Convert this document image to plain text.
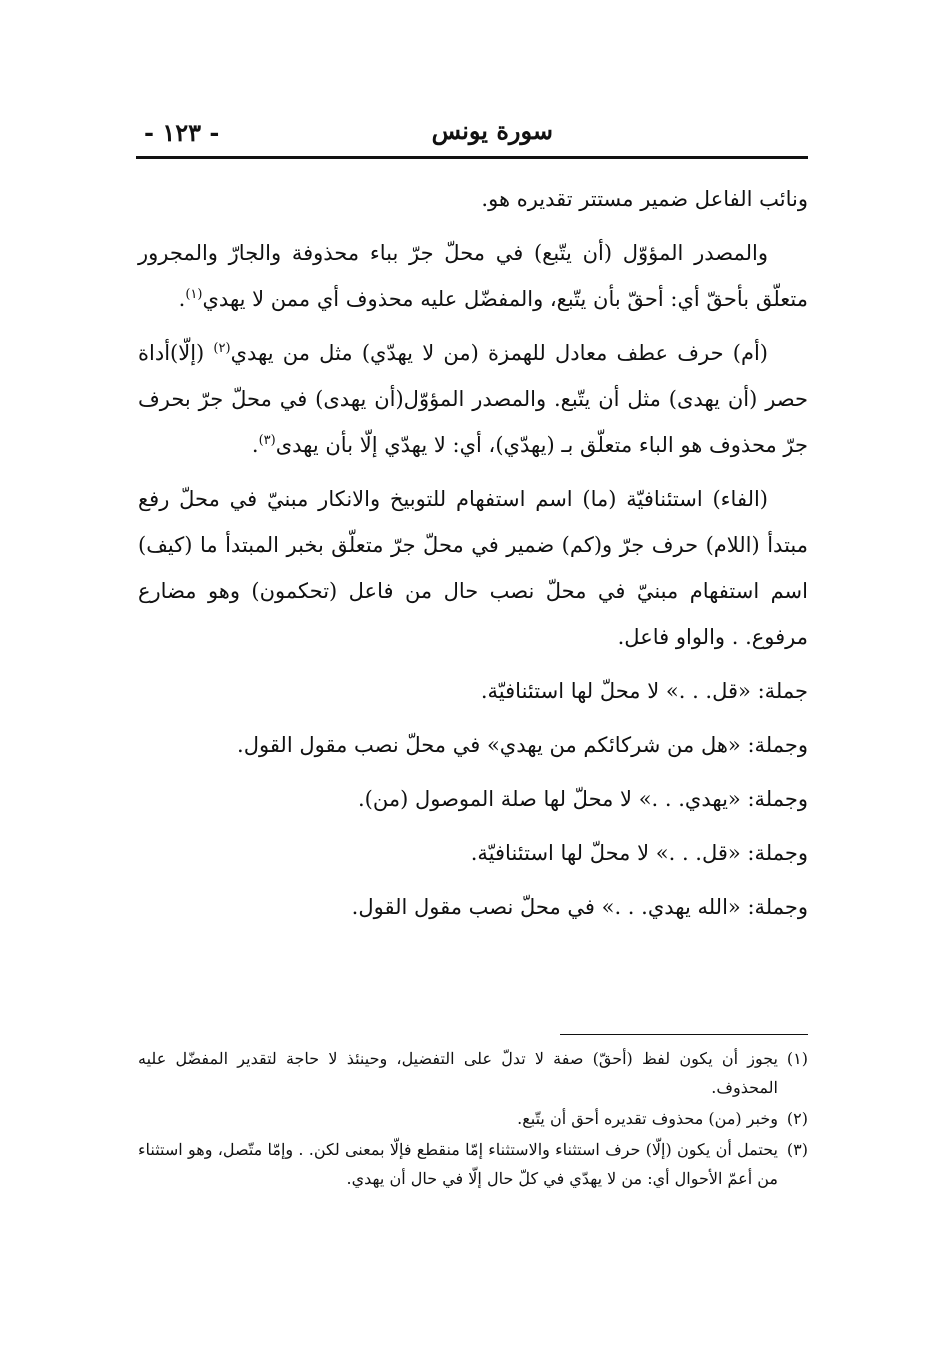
سورة يونس
- ١٢٣ -

ونائب الفاعل ضمير مستتر تقديره هو.

والمصدر المؤوّل (أن يتّبع) في محلّ جرّ بباء محذوفة والجارّ والمجرور متعلّق بأحقّ أي: أحقّ بأن يتّبع، والمفضّل عليه محذوف أي ممن لا يهدي$^{(١)}$.

(أم) حرف عطف معادل للهمزة (من لا يهدّي) مثل من يهدي$^{(٢)}$ (إلّا)أداة حصر (أن يهدى) مثل أن يتّبع. والمصدر المؤوّل(أن يهدى) في محلّ جرّ بحرف جرّ محذوف هو الباء متعلّق بـ (يهدّي)، أي: لا يهدّي إلّا بأن يهدى$^{(٣)}$.

(الفاء) استئنافيّة (ما) اسم استفهام للتوبيخ والانكار مبنيّ في محلّ رفع مبتدأ (اللام) حرف جرّ و(كم) ضمير في محلّ جرّ متعلّق بخبر المبتدأ ما (كيف) اسم استفهام مبنيّ في محلّ نصب حال من فاعل (تحكمون) وهو مضارع مرفوع. . والواو فاعل.

جملة: «قل. . .» لا محلّ لها استئنافيّة.

وجملة: «هل من شركائكم من يهدي» في محلّ نصب مقول القول.

وجملة: «يهدي. . .» لا محلّ لها صلة الموصول (من).

وجملة: «قل. . .» لا محلّ لها استئنافيّة.

وجملة: «الله يهدي. . .» في محلّ نصب مقول القول.

(١)
يجوز أن يكون لفظ (أحقّ) صفة لا تدلّ على التفضيل، وحينئذ لا حاجة لتقدير المفضّل عليه المحذوف.
(٢)
وخبر (من) محذوف تقديره أحق أن يتّبع.
(٣)
يحتمل أن يكون (إلّا) حرف استثناء والاستثناء إمّا منقطع فإلّا بمعنى لكن. . وإمّا متّصل، وهو استثناء من أعمّ الأحوال أي: من لا يهدّي في كلّ حال إلّا في حال أن يهدي.
